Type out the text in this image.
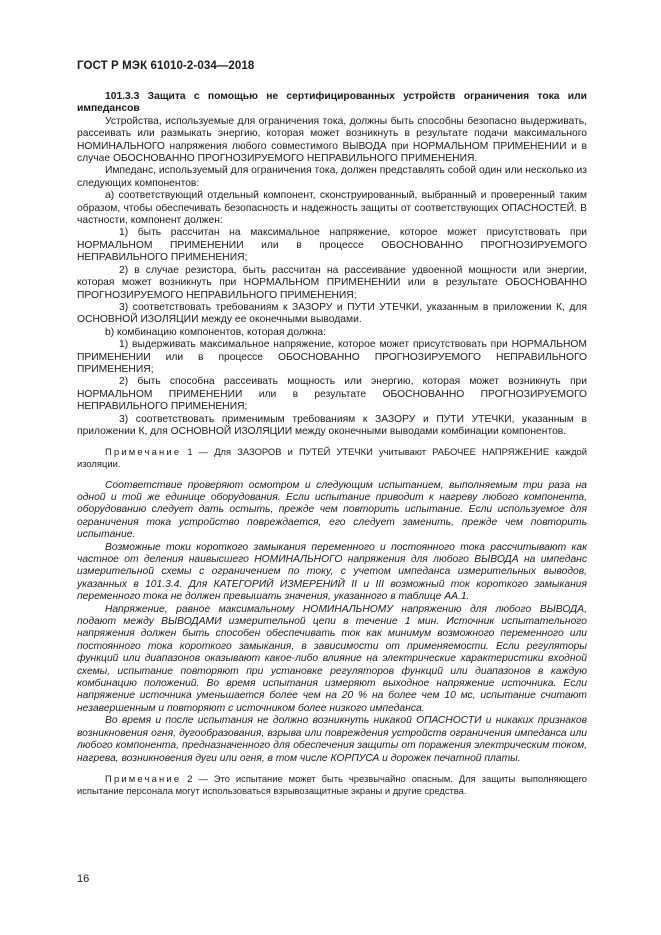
ГОСТ Р МЭК 61010-2-034—2018

101.3.3 Защита с помощью не сертифицированных устройств ограничения тока или импедансов

Устройства, используемые для ограничения тока, должны быть способны безопасно выдерживать, рассеивать или размыкать энергию, которая может возникнуть в результате подачи максимального НОМИНАЛЬНОГО напряжения любого совместимого ВЫВОДА при НОРМАЛЬНОМ ПРИМЕНЕНИИ и в случае ОБОСНОВАННО ПРОГНОЗИРУЕМОГО НЕПРАВИЛЬНОГО ПРИМЕНЕНИЯ.

Импеданс, используемый для ограничения тока, должен представлять собой один или несколько из следующих компонентов:

a) соответствующий отдельный компонент, сконструированный, выбранный и проверенный таким образом, чтобы обеспечивать безопасность и надежность защиты от соответствующих ОПАСНОСТЕЙ. В частности, компонент должен:

1) быть рассчитан на максимальное напряжение, которое может присутствовать при НОРМАЛЬНОМ ПРИМЕНЕНИИ или в процессе ОБОСНОВАННО ПРОГНОЗИРУЕМОГО НЕПРАВИЛЬНОГО ПРИМЕНЕНИЯ;

2) в случае резистора, быть рассчитан на рассеивание удвоенной мощности или энергии, которая может возникнуть при НОРМАЛЬНОМ ПРИМЕНЕНИИ или в результате ОБОСНОВАННО ПРОГНОЗИРУЕМОГО НЕПРАВИЛЬНОГО ПРИМЕНЕНИЯ;

3) соответствовать требованиям к ЗАЗОРУ и ПУТИ УТЕЧКИ, указанным в приложении К, для ОСНОВНОЙ ИЗОЛЯЦИИ между ее оконечными выводами.

b) комбинацию компонентов, которая должна:

1) выдерживать максимальное напряжение, которое может присутствовать при НОРМАЛЬНОМ ПРИМЕНЕНИИ или в процессе ОБОСНОВАННО ПРОГНОЗИРУЕМОГО НЕПРАВИЛЬНОГО ПРИМЕНЕНИЯ;

2) быть способна рассеивать мощность или энергию, которая может возникнуть при НОРМАЛЬНОМ ПРИМЕНЕНИИ или в результате ОБОСНОВАННО ПРОГНОЗИРУЕМОГО НЕПРАВИЛЬНОГО ПРИМЕНЕНИЯ;

3) соответствовать применимым требованиям к ЗАЗОРУ и ПУТИ УТЕЧКИ, указанным в приложении К, для ОСНОВНОЙ ИЗОЛЯЦИИ между оконечными выводами комбинации компонентов.

Примечание 1 — Для ЗАЗОРОВ и ПУТЕЙ УТЕЧКИ учитывают РАБОЧЕЕ НАПРЯЖЕНИЕ каждой изоляции.

Соответствие проверяют осмотром и следующим испытанием, выполняемым три раза на одной и той же единице оборудования. Если испытание приводит к нагреву любого компонента, оборудованию следует дать остыть, прежде чем повторить испытание. Если используемое для ограничения тока устройство повреждается, его следует заменить, прежде чем повторить испытание.

Возможные токи короткого замыкания переменного и постоянного тока рассчитывают как частное от деления наивысшего НОМИНАЛЬНОГО напряжения для любого ВЫВОДА на импеданс измерительной схемы с ограничением по току, с учетом импеданса измерительных выводов, указанных в 101.3.4. Для КАТЕГОРИЙ ИЗМЕРЕНИЙ II и III возможный ток короткого замыкания переменного тока не должен превышать значения, указанного в таблице АА.1.

Напряжение, равное максимальному НОМИНАЛЬНОМУ напряжению для любого ВЫВОДА, подают между ВЫВОДАМИ измерительной цепи в течение 1 мин. Источник испытательного напряжения должен быть способен обеспечивать ток как минимум возможного переменного или постоянного тока короткого замыкания, в зависимости от применяемости. Если регуляторы функций или диапазонов оказывают какое-либо влияние на электрические характеристики входной схемы, испытание повторяют при установке регуляторов функций или диапазонов в каждую комбинацию положений. Во время испытания измеряют выходное напряжение источника. Если напряжение источника уменьшается более чем на 20 % на более чем 10 мс, испытание считают незавершенным и повторяют с источником более низкого импеданса.

Во время и после испытания не должно возникнуть никакой ОПАСНОСТИ и никаких признаков возникновения огня, дугообразования, взрыва или повреждения устройств ограничения импеданса или любого компонента, предназначенного для обеспечения защиты от поражения электрическим током, нагрева, возникновения дуги или огня, в том числе КОРПУСА и дорожек печатной платы.

Примечание 2 — Это испытание может быть чрезвычайно опасным. Для защиты выполняющего испытание персонала могут использоваться взрывозащитные экраны и другие средства.

16
